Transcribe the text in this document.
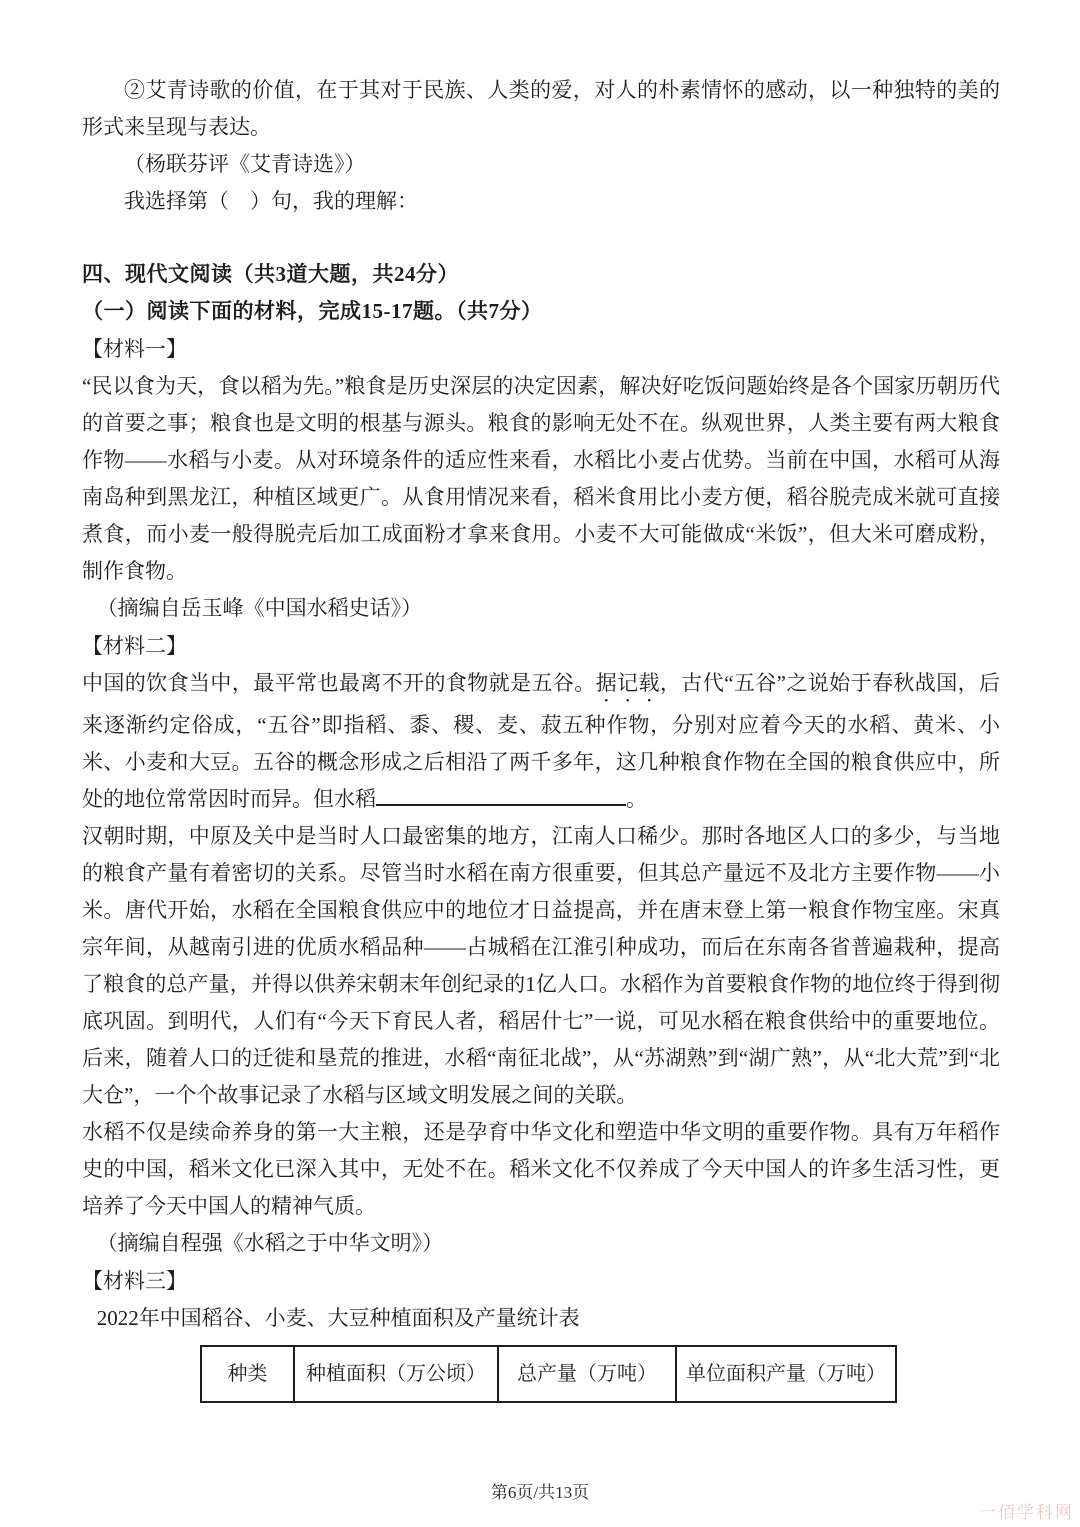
②艾青诗歌的价值，在于其对于民族、人类的爱，对人的朴素情怀的感动，以一种独特的美的形式来呈现与表达。

（杨联芬评《艾青诗选》）

我选择第（　）句，我的理解：

四、现代文阅读（共3道大题，共24分）

（一）阅读下面的材料，完成15-17题。（共7分）

【材料一】

“民以食为天，食以稻为先。”粮食是历史深层的决定因素，解决好吃饭问题始终是各个国家历朝历代的首要之事；粮食也是文明的根基与源头。粮食的影响无处不在。纵观世界，人类主要有两大粮食作物——水稻与小麦。从对环境条件的适应性来看，水稻比小麦占优势。当前在中国，水稻可从海南岛种到黑龙江，种植区域更广。从食用情况来看，稻米食用比小麦方便，稻谷脱壳成米就可直接煮食，而小麦一般得脱壳后加工成面粉才拿来食用。小麦不大可能做成“米饭”，但大米可磨成粉，制作食物。

（摘编自岳玉峰《中国水稻史话》）

【材料二】

中国的饮食当中，最平常也最离不开的食物就是五谷。据记载，古代“五谷”之说始于春秋战国，后来逐渐约定俗成，“五谷”即指稻、黍、稷、麦、菽五种作物，分别对应着今天的水稻、黄米、小米、小麦和大豆。五谷的概念形成之后相沿了两千多年，这几种粮食作物在全国的粮食供应中，所处的地位常常因时而异。但水稻	。

汉朝时期，中原及关中是当时人口最密集的地方，江南人口稀少。那时各地区人口的多少，与当地的粮食产量有着密切的关系。尽管当时水稻在南方很重要，但其总产量远不及北方主要作物——小米。唐代开始，水稻在全国粮食供应中的地位才日益提高，并在唐末登上第一粮食作物宝座。宋真宗年间，从越南引进的优质水稻品种——占城稻在江淮引种成功，而后在东南各省普遍栽种，提高了粮食的总产量，并得以供养宋朝末年创纪录的1亿人口。水稻作为首要粮食作物的地位终于得到彻底巩固。到明代，人们有“今天下育民人者，稻居什七”一说，可见水稻在粮食供给中的重要地位。后来，随着人口的迁徙和垦荒的推进，水稻“南征北战”，从“苏湖熟”到“湖广熟”，从“北大荒”到“北大仓”，一个个故事记录了水稻与区域文明发展之间的关联。

水稻不仅是续命养身的第一大主粮，还是孕育中华文化和塑造中华文明的重要作物。具有万年稻作史的中国，稻米文化已深入其中，无处不在。稻米文化不仅养成了今天中国人的许多生活习性，更培养了今天中国人的精神气质。

（摘编自程强《水稻之于中华文明》）

【材料三】

2022年中国稻谷、小麦、大豆种植面积及产量统计表

种类	种植面积（万公顷）	总产量（万吨）	单位面积产量（万吨）
第6页/共13页
一佰学科网
